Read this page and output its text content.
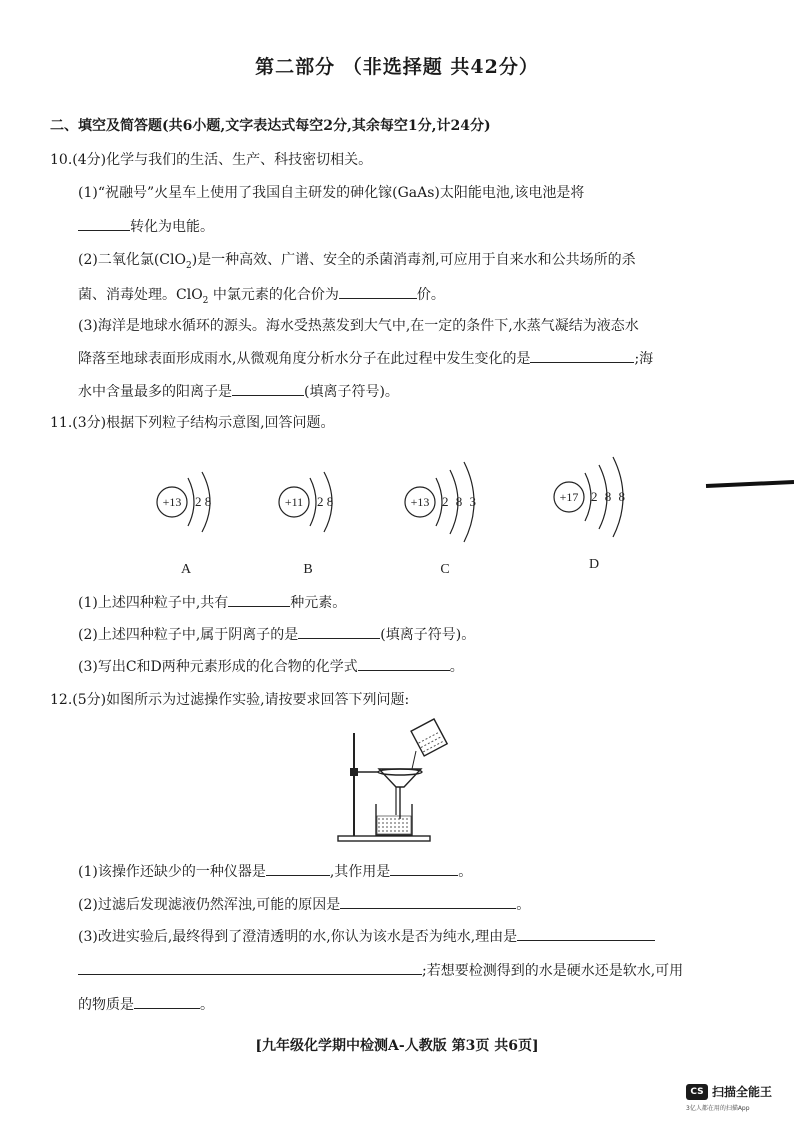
第二部分 （非选择题 共42分）
二、填空及简答题(共6小题,文字表达式每空2分,其余每空1分,计24分)
10.(4分)化学与我们的生活、生产、科技密切相关。
(1)“祝融号”火星车上使用了我国自主研发的砷化镓(GaAs)太阳能电池,该电池是将
转化为电能。
(2)二氧化氯(ClO$_2$)是一种高效、广谱、安全的杀菌消毒剂,可应用于自来水和公共场所的杀
菌、消毒处理。ClO$_2$ 中氯元素的化合价为	价。
(3)海洋是地球水循环的源头。海水受热蒸发到大气中,在一定的条件下,水蒸气凝结为液态水
降落至地球表面形成雨水,从微观角度分析水分子在此过程中发生变化的是	;海
水中含量最多的阳离子是	(填离子符号)。
11.(3分)根据下列粒子结构示意图,回答问题。
+13 2 8
A
+11 2 8
B
+13 2 8 3
C
+17 2 8 8
D
(1)上述四种粒子中,共有	种元素。
(2)上述四种粒子中,属于阴离子的是	(填离子符号)。
(3)写出C和D两种元素形成的化合物的化学式	。
12.(5分)如图所示为过滤操作实验,请按要求回答下列问题:
(1)该操作还缺少的一种仪器是	,其作用是	。
(2)过滤后发现滤液仍然浑浊,可能的原因是	。
(3)改进实验后,最终得到了澄清透明的水,你认为该水是否为纯水,理由是
;若想要检测得到的水是硬水还是软水,可用
的物质是	。
[九年级化学期中检测A-人教版 第3页 共6页]
CS 扫描全能王
3亿人都在用的扫描App
